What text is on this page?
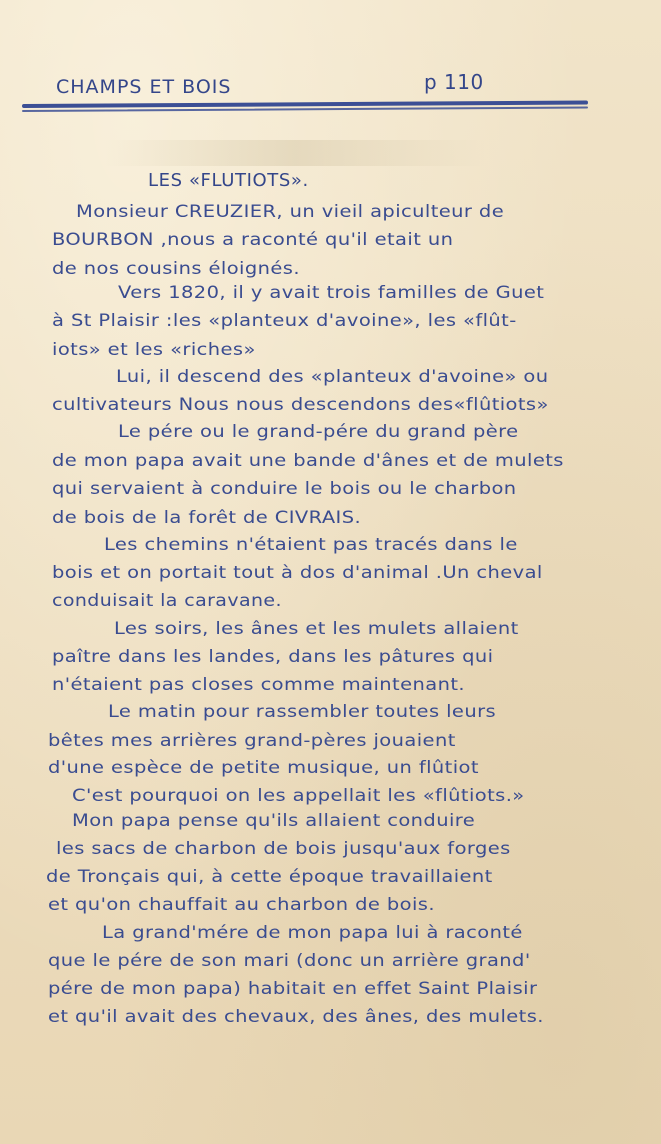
CHAMPS ET BOIS	p 110
LES «FLUTIOTS».
Monsieur CREUZIER, un vieil apiculteur de
BOURBON ,nous a raconté qu'il etait un
de nos cousins éloignés.
Vers 1820, il y avait trois familles de Guet
à St Plaisir :les «planteux d'avoine», les «flût-
iots» et les «riches»
Lui, il descend des «planteux d'avoine» ou
cultivateurs Nous nous descendons des«flûtiots»
Le pére ou le grand-pére du grand père
de mon papa avait une bande d'ânes et de mulets
qui servaient à conduire le bois ou le charbon
de bois de la forêt de CIVRAIS.
Les chemins n'étaient pas tracés dans le
bois et on portait tout à dos d'animal .Un cheval
conduisait la caravane.
Les soirs, les ânes et les mulets allaient
paître dans les landes, dans les pâtures qui
n'étaient pas closes comme maintenant.
Le matin pour rassembler toutes leurs
bêtes mes arrières grand-pères jouaient
d'une espèce de petite musique, un flûtiot
C'est pourquoi on les appellait les «flûtiots.»
Mon papa pense qu'ils allaient conduire
les sacs de charbon de bois jusqu'aux forges
de Tronçais qui, à cette époque travaillaient
et qu'on chauffait au charbon de bois.
La grand'mére de mon papa lui à raconté
que le pére de son mari (donc un arrière grand'
pére de mon papa) habitait en effet Saint Plaisir
et qu'il avait des chevaux, des ânes, des mulets.
